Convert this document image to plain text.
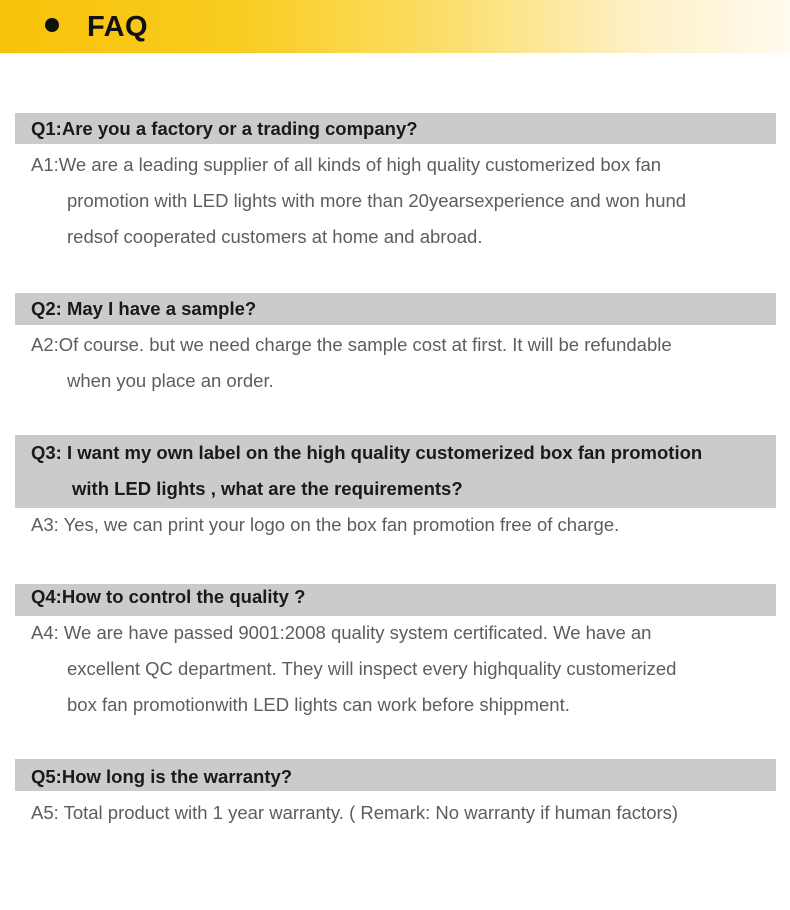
FAQ
Q1:Are you a factory or a trading company?
A1:We are a leading supplier of all kinds of high quality customerized box fan
promotion with LED lights with more than 20yearsexperience and won hund
redsof cooperated customers at home and abroad.
Q2: May I have a sample?
A2:Of course. but we need charge the sample cost at first. It will be refundable
when you place an order.
Q3: I want my own label on the high quality customerized box fan promotion
with LED lights , what are the requirements?
A3: Yes, we can print your logo on the box fan promotion free of charge.
Q4:How to control the quality ?
A4: We are have passed 9001:2008 quality system certificated. We have an
excellent QC department. They will inspect every highquality customerized
box fan promotionwith LED lights can work before shippment.
Q5:How long is the warranty?
A5: Total product with 1 year warranty. ( Remark: No warranty if human factors)
